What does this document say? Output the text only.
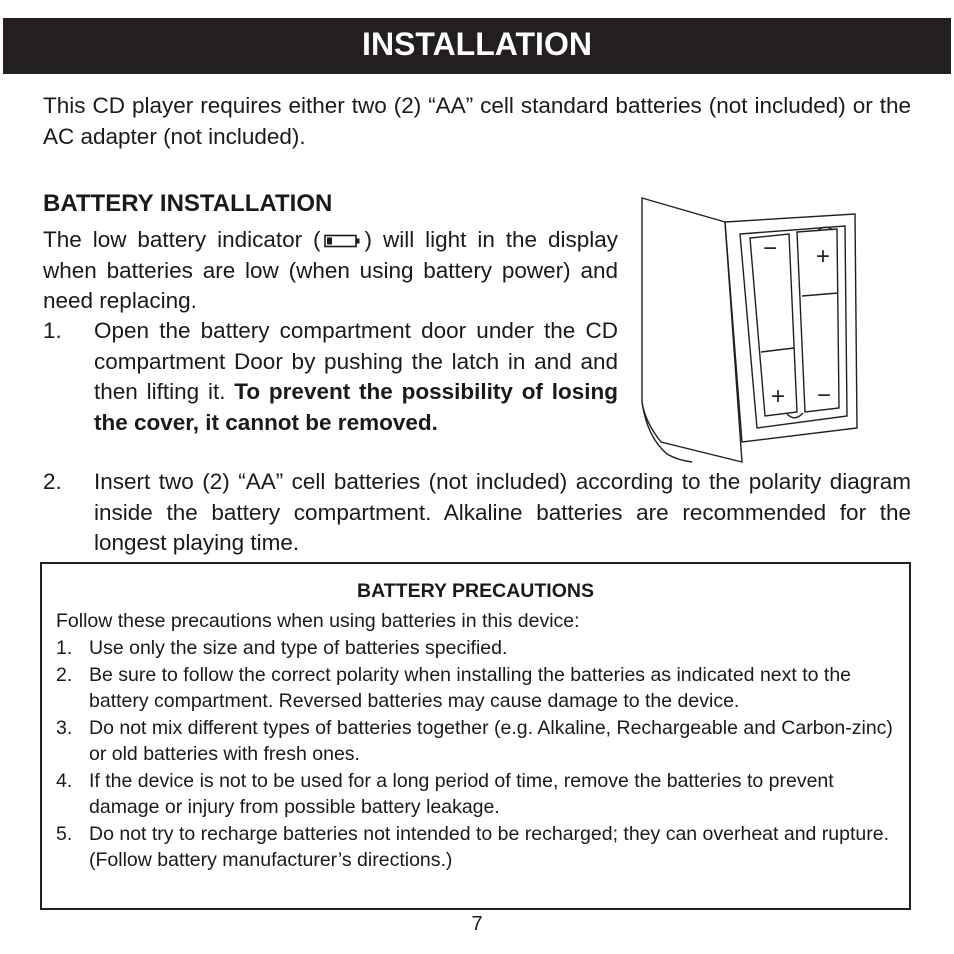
INSTALLATION

This CD player requires either two (2) “AA” cell standard batteries (not included) or the AC adapter (not included).

BATTERY INSTALLATION

The low battery indicator ( ) will light in the display when batteries are low (when using battery power) and need replacing.

1. Open the battery compartment door under the CD compartment Door by pushing the latch in and and then lifting it. To prevent the possibility of losing the cover, it cannot be removed.
2. Insert two (2) “AA” cell batteries (not included) according to the polarity diagram inside the battery compartment. Alkaline batteries are recommended for the longest playing time.
−
+
+
−
BATTERY PRECAUTIONS

Follow these precautions when using batteries in this device:

1. Use only the size and type of batteries specified.
2. Be sure to follow the correct polarity when installing the batteries as indicated next to the battery compartment. Reversed batteries may cause damage to the device.
3. Do not mix different types of batteries together (e.g. Alkaline, Rechargeable and Carbon-zinc) or old batteries with fresh ones.
4. If the device is not to be used for a long period of time, remove the batteries to prevent damage or injury from possible battery leakage.
5. Do not try to recharge batteries not intended to be recharged; they can overheat and rupture. (Follow battery manufacturer’s directions.)

7
